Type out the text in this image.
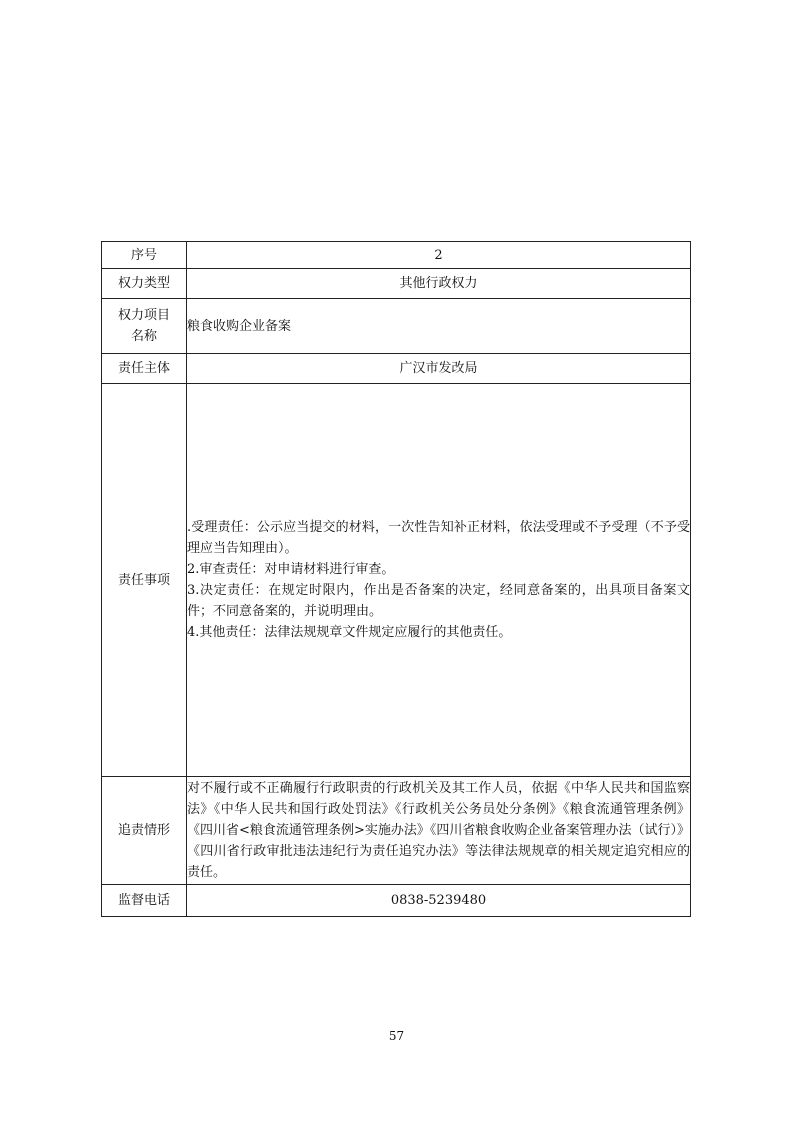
序号	2
权力类型	其他行政权力

权力项目
名称	粮食收购企业备案
责任主体	广汉市发改局
责任事项	.受理责任：公示应当提交的材料，一次性告知补正材料，依法受理或不予受理（不予受理应当告知理由）。
2.审查责任：对申请材料进行审查。
3.决定责任：在规定时限内，作出是否备案的决定，经同意备案的，出具项目备案文件；不同意备案的，并说明理由。
4.其他责任：法律法规规章文件规定应履行的其他责任。

追责情形	对不履行或不正确履行行政职责的行政机关及其工作人员，依据《中华人民共和国监察法》《中华人民共和国行政处罚法》《行政机关公务员处分条例》《粮食流通管理条例》《四川省<粮食流通管理条例>实施办法》《四川省粮食收购企业备案管理办法（试行）》《四川省行政审批违法违纪行为责任追究办法》等法律法规规章的相关规定追究相应的责任。
监督电话	0838-5239480
57
